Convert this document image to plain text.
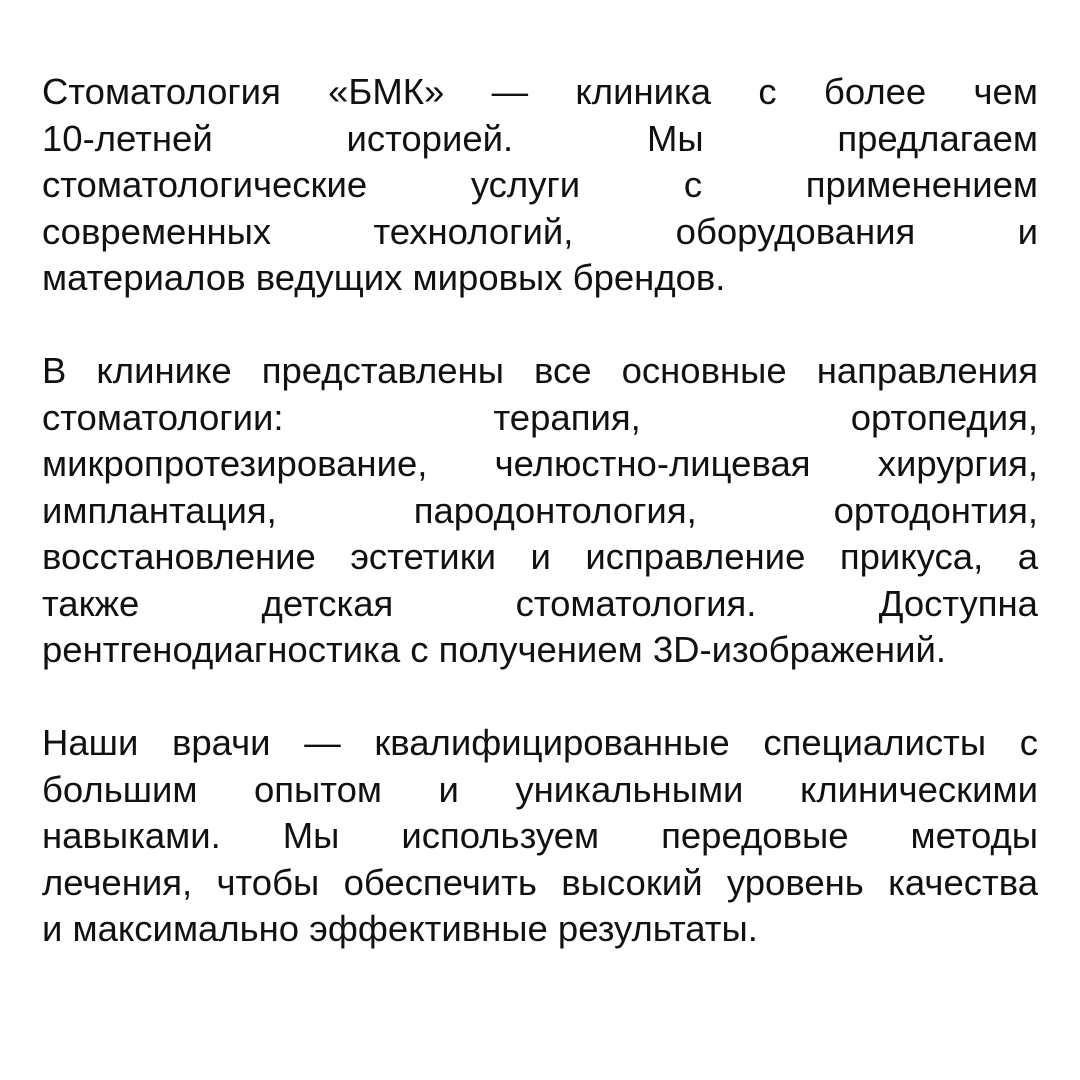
Стоматология «БМК» — клиника с более чем
10-летней	историей.	Мы	предлагаем
стоматологические	услуги	с	применением
современных	технологий,	оборудования	и
материалов ведущих мировых брендов.
В клинике представлены все основные направления
стоматологии:	терапия,	ортопедия,
микропротезирование, челюстно-лицевая хирургия,
имплантация,	пародонтология,	ортодонтия,
восстановление эстетики и исправление прикуса, а
также	детская	стоматология.	Доступна
рентгенодиагностика с получением 3D-изображений.
Наши врачи — квалифицированные специалисты с
большим опытом и уникальными клиническими
навыками. Мы используем передовые методы
лечения, чтобы обеспечить высокий уровень качества
и максимально эффективные результаты.
